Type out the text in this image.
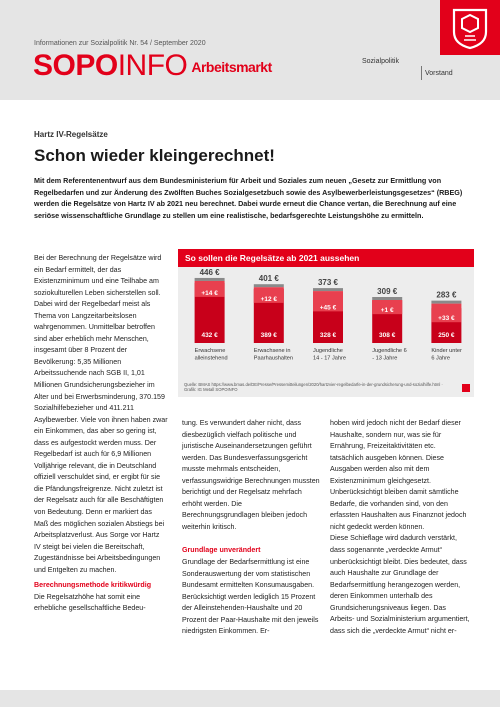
Informationen zur Sozialpolitik Nr. 54 / September 2020
SOPOINFO Arbeitsmarkt	Sozialpolitik
Vorstand
Hartz IV-Regelsätze
Schon wieder kleingerechnet!
Mit dem Referentenentwurf aus dem Bundesministerium für Arbeit und Soziales zum neuen „Gesetz zur Ermittlung von Regelbedarfen und zur Änderung des Zwölften Buches Sozialgesetzbuch sowie des Asylbewerberleistungsgesetzes“ (RBEG) werden die Regelsätze von Hartz IV ab 2021 neu berechnet. Dabei wurde erneut die Chance vertan, die Berechnung auf eine seriöse wissenschaftliche Grundlage zu stellen um eine realistische, bedarfsgerechte Leistungshöhe zu ermitteln.

Bei der Berechnung der Regelsätze wird ein Bedarf ermittelt, der das Existenzminimum und eine Teilhabe am soziokulturellen Leben sicherstellen soll. Dabei wird der Regelbedarf meist als Thema von Langzeitarbeitslosen wahrgenommen. Unmittelbar betroffen sind aber erheblich mehr Menschen, insgesamt über 8 Prozent der Bevölkerung: 5,35 Millionen Arbeitssuchende nach SGB II, 1,01 Millionen Grundsicherungsbezieher im Alter und bei Erwerbsminderung, 370.159 Sozialhilfebezieher und 411.211 Asylbewerber. Viele von ihnen haben zwar ein Einkommen, das aber so gering ist, dass es aufgestockt werden muss. Der Regelbedarf ist auch für 6,9 Millionen Volljährige relevant, die in Deutschland offiziell verschuldet sind, er ergibt für sie die Pfändungsfreigrenze. Nicht zuletzt ist der Regelsatz auch für alle Beschäftigten von Bedeutung. Denn er markiert das Maß des möglichen sozialen Abstiegs bei Arbeitsplatzverlust. Aus Sorge vor Hartz IV steigt bei vielen die Bereitschaft, Zugeständnisse bei Arbeitsbedingungen und Entgelten zu machen.

Berechnungsmethode kritikwürdig

Die Regelsatzhöhe hat somit eine erhebliche gesellschaftliche Bedeu-

So sollen die Regelsätze ab 2021 aussehen
446 €
+14 €
432 €
Erwachsene
alleinstehend
401 €
+12 €
389 €
Erwachsene in
Paarhaushalten
373 €
+45 €
328 €
Jugendliche
14 - 17 Jahre
309 €
+1 €
308 €
Jugendliche 6
- 13 Jahre
283 €
+33 €
250 €
Kinder unter
6 Jahre
Quelle: BMAS https://www.bmas.de/DE/Presse/Pressemitteilungen/2020/hartzvier-regelbedarfe-in-der-grundsicherung-und-sozialhilfe.html · Grafik: IG Metall SOPOINFO

tung. Es verwundert daher nicht, dass diesbezüglich vielfach politische und juristische Auseinandersetzungen geführt werden. Das Bundesverfassungsgericht musste mehrmals entscheiden, verfassungswidrige Berechnungen mussten berichtigt und der Regelsatz mehrfach erhöht werden. Die Berechnungsgrundlagen bleiben jedoch weiterhin kritisch.

Grundlage unverändert

Grundlage der Bedarfsermittlung ist eine Sonderauswertung der vom statistischen Bundesamt ermittelten Konsumausgaben. Berücksichtigt werden lediglich 15 Prozent der Alleinstehenden-Haushalte und 20 Prozent der Paar-Haushalte mit den jeweils niedrigsten Einkommen. Er-

hoben wird jedoch nicht der Bedarf dieser Haushalte, sondern nur, was sie für Ernährung, Freizeitaktivitäten etc. tatsächlich ausgeben können. Diese Ausgaben werden also mit dem Existenzminimum gleichgesetzt. Unberücksichtigt bleiben damit sämtliche Bedarfe, die vorhanden sind, von den erfassten Haushalten aus Finanznot jedoch nicht gedeckt werden können.

Diese Schieflage wird dadurch verstärkt, dass sogenannte „verdeckte Armut“ unberücksichtigt bleibt. Dies bedeutet, dass auch Haushalte zur Grundlage der Bedarfsermittlung herangezogen werden, deren Einkommen unterhalb des Grundsicherungsniveaus liegen. Das Arbeits- und Sozialministerium argumentiert, dass sich die „verdeckte Armut“ nicht er-
